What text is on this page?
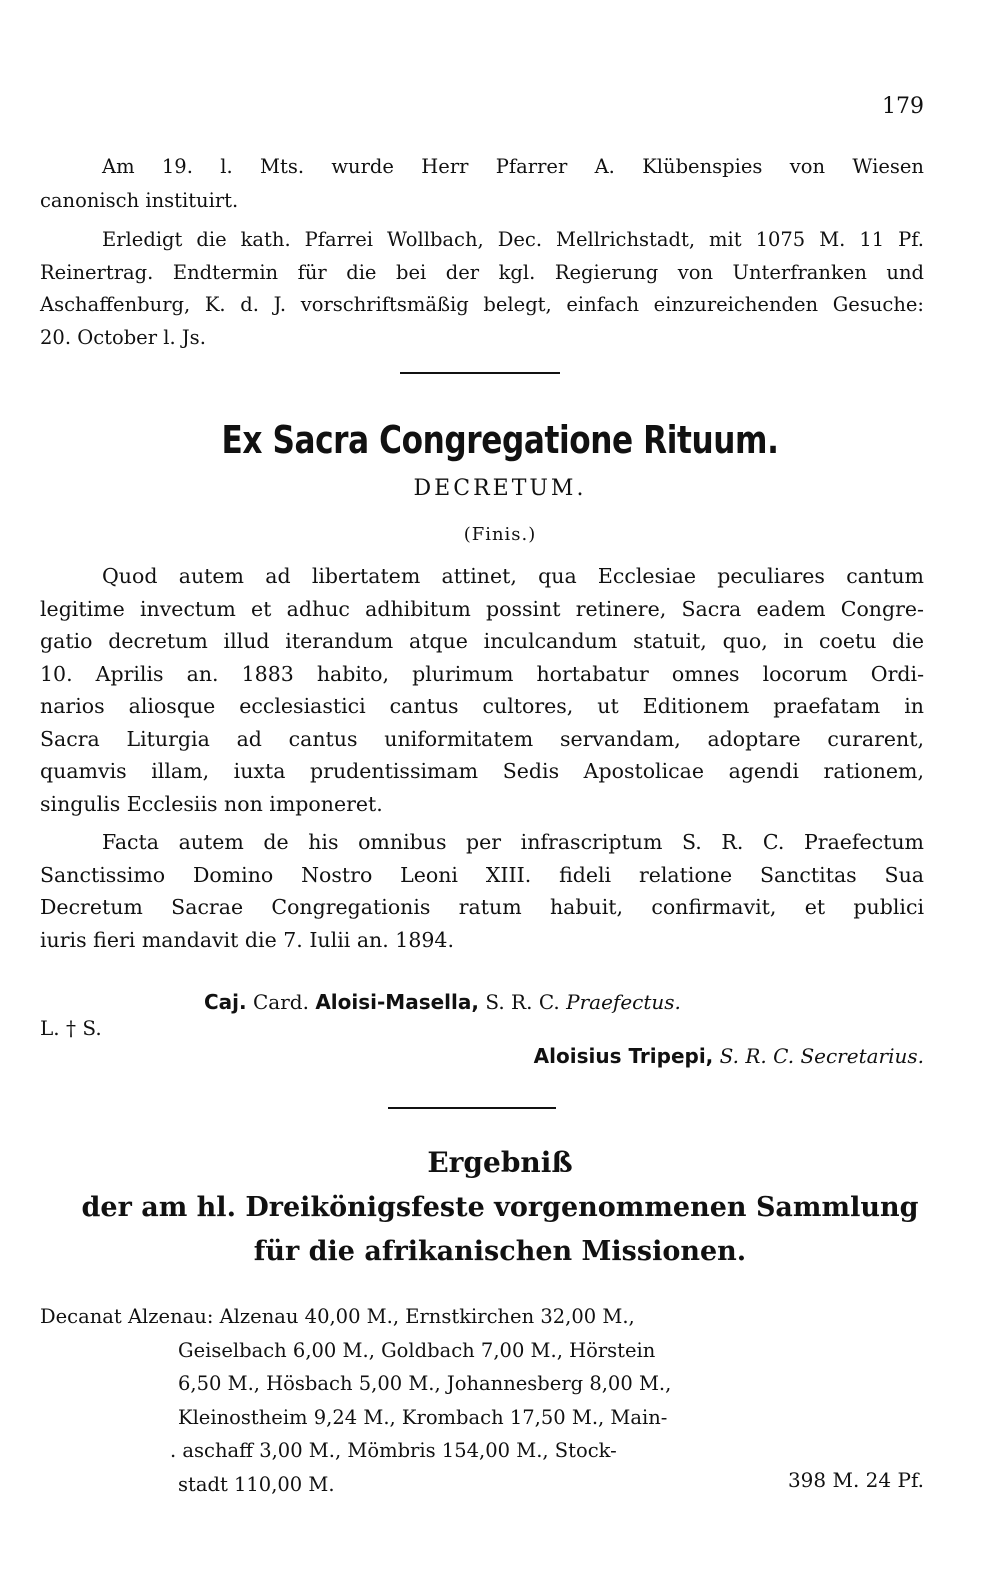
179
Am 19. l. Mts. wurde Herr Pfarrer A. Klübenspies von Wiesen
canonisch instituirt.
Erledigt die kath. Pfarrei Wollbach, Dec. Mellrichstadt, mit 1075 M. 11 Pf.
Reinertrag. Endtermin für die bei der kgl. Regierung von Unterfranken und
Aschaffenburg, K. d. J. vorschriftsmäßig belegt, einfach einzureichenden Gesuche:
20. October l. Js.
Ex Sacra Congregatione Rituum.
DECRETUM.
(Finis.)
Quod autem ad libertatem attinet, qua Ecclesiae peculiares cantum
legitime invectum et adhuc adhibitum possint retinere, Sacra eadem Congre-
gatio decretum illud iterandum atque inculcandum statuit, quo, in coetu die
10. Aprilis an. 1883 habito, plurimum hortabatur omnes locorum Ordi-
narios aliosque ecclesiastici cantus cultores, ut Editionem praefatam in
Sacra Liturgia ad cantus uniformitatem servandam, adoptare curarent,
quamvis illam, iuxta prudentissimam Sedis Apostolicae agendi rationem,
singulis Ecclesiis non imponeret.
Facta autem de his omnibus per infrascriptum S. R. C. Praefectum
Sanctissimo Domino Nostro Leoni XIII. fideli relatione Sanctitas Sua
Decretum Sacrae Congregationis ratum habuit, confirmavit, et publici
iuris fieri mandavit die 7. Iulii an. 1894.
L. † S.
Caj. Card. Aloisi-Masella, S. R. C. Praefectus.
Aloisius Tripepi, S. R. C. Secretarius.
Ergebniß
der am hl. Dreikönigsfeste vorgenommenen Sammlung
für die afrikanischen Missionen.
Decanat Alzenau: Alzenau 40,00 M., Ernstkirchen 32,00 M.,
Geiselbach 6,00 M., Goldbach 7,00 M., Hörstein
6,50 M., Hösbach 5,00 M., Johannesberg 8,00 M.,
Kleinostheim 9,24 M., Krombach 17,50 M., Main-
. aschaff 3,00 M., Mömbris 154,00 M., Stock-
stadt 110,00 M.	398 M. 24 Pf.
